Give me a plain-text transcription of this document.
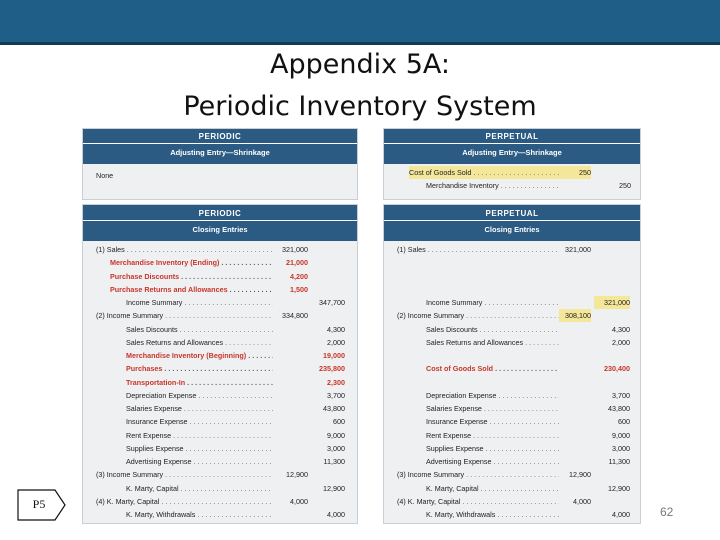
Appendix 5A:
Periodic Inventory System
PERIODIC
Adjusting Entry—Shrinkage
None
PERPETUAL
Adjusting Entry—Shrinkage
Cost of Goods Sold . . .	250
Merchandise Inventory . . .	250
PERIODIC
Closing Entries
(1) Sales . . .	321,000
Merchandise Inventory (Ending) . . .	21,000
Purchase Discounts . . .	4,200
Purchase Returns and Allowances . . .	1,500
Income Summary . . .	347,700
(2) Income Summary . . .	334,800
Sales Discounts . . .	4,300
Sales Returns and Allowances . . .	2,000
Merchandise Inventory (Beginning) . . .	19,000
Purchases . . .	235,800
Transportation-In . . .	2,300
Depreciation Expense . . .	3,700
Salaries Expense . . .	43,800
Insurance Expense . . .	600
Rent Expense . . .	9,000
Supplies Expense . . .	3,000
Advertising Expense . . .	11,300
(3) Income Summary . . .	12,900
K. Marty, Capital . . .	12,900
(4) K. Marty, Capital . . .	4,000
K. Marty, Withdrawals . . .	4,000
PERPETUAL
Closing Entries
(1) Sales . . .	321,000
Income Summary . . .	321,000
(2) Income Summary . . .	308,100
Sales Discounts . . .	4,300
Sales Returns and Allowances . . .	2,000
Cost of Goods Sold . . .	230,400
Depreciation Expense . . .	3,700
Salaries Expense . . .	43,800
Insurance Expense . . .	600
Rent Expense . . .	9,000
Supplies Expense . . .	3,000
Advertising Expense . . .	11,300
(3) Income Summary . . .	12,900
K. Marty, Capital . . .	12,900
(4) K. Marty, Capital . . .	4,000
K. Marty, Withdrawals . . .	4,000
P5
62
